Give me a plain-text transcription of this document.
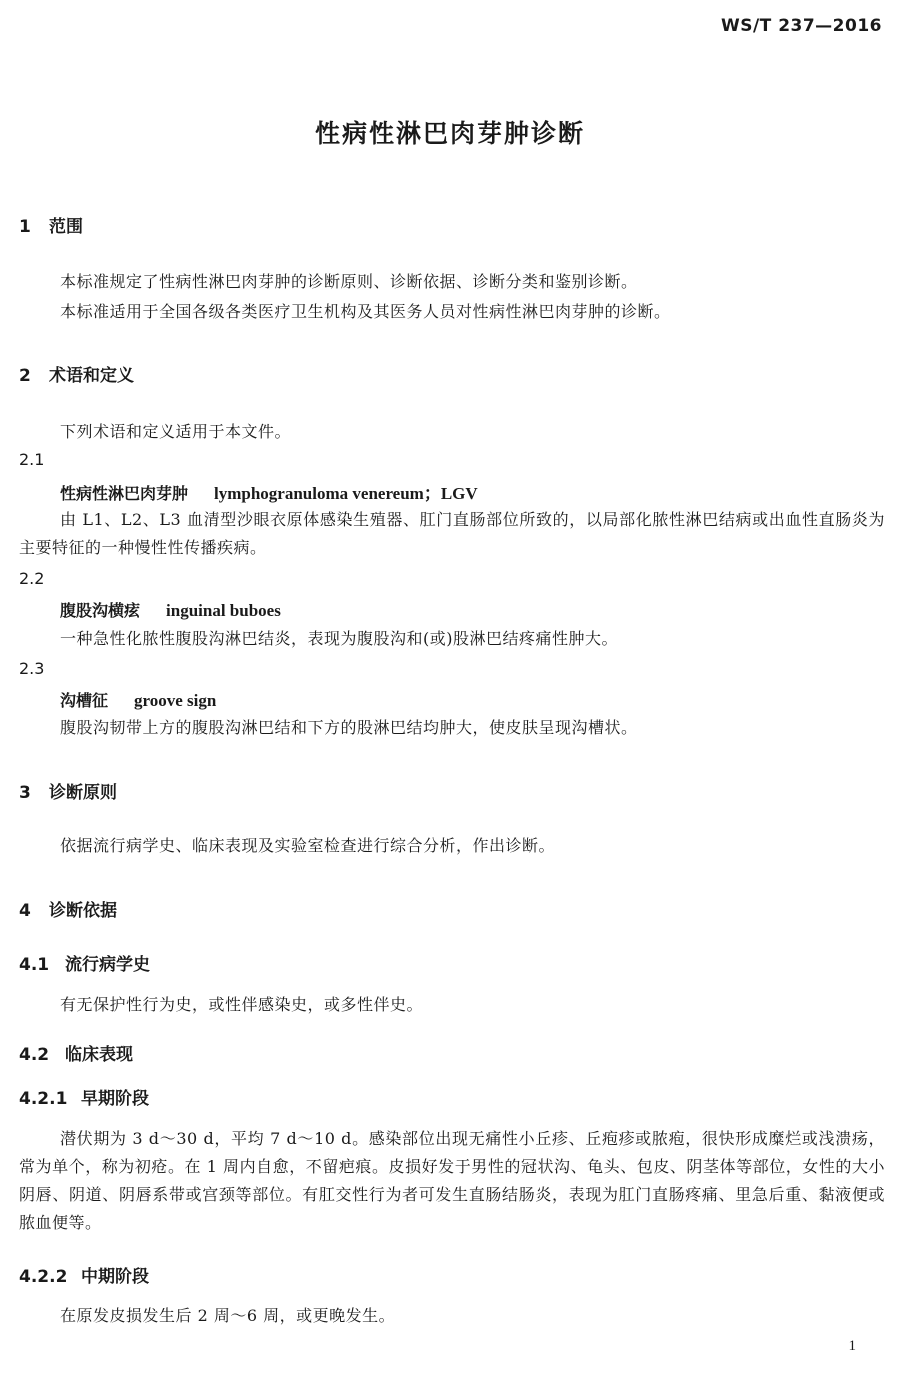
WS/T 237—2016
性病性淋巴肉芽肿诊断
1 范围
本标准规定了性病性淋巴肉芽肿的诊断原则、诊断依据、诊断分类和鉴别诊断。
本标准适用于全国各级各类医疗卫生机构及其医务人员对性病性淋巴肉芽肿的诊断。
2 术语和定义
下列术语和定义适用于本文件。
2.1
性病性淋巴肉芽肿 lymphogranuloma venereum；LGV
由 L1、L2、L3 血清型沙眼衣原体感染生殖器、肛门直肠部位所致的，以局部化脓性淋巴结病或出血性直肠炎为主要特征的一种慢性性传播疾病。
2.2
腹股沟横痃 inguinal buboes
一种急性化脓性腹股沟淋巴结炎，表现为腹股沟和(或)股淋巴结疼痛性肿大。
2.3
沟槽征 groove sign
腹股沟韧带上方的腹股沟淋巴结和下方的股淋巴结均肿大，使皮肤呈现沟槽状。
3 诊断原则
依据流行病学史、临床表现及实验室检查进行综合分析，作出诊断。
4 诊断依据
4.1 流行病学史
有无保护性行为史，或性伴感染史，或多性伴史。
4.2 临床表现
4.2.1 早期阶段
潜伏期为 3 d～30 d，平均 7 d～10 d。感染部位出现无痛性小丘疹、丘疱疹或脓疱，很快形成糜烂或浅溃疡，常为单个，称为初疮。在 1 周内自愈，不留疤痕。皮损好发于男性的冠状沟、龟头、包皮、阴茎体等部位，女性的大小阴唇、阴道、阴唇系带或宫颈等部位。有肛交性行为者可发生直肠结肠炎，表现为肛门直肠疼痛、里急后重、黏液便或脓血便等。
4.2.2 中期阶段
在原发皮损发生后 2 周～6 周，或更晚发生。
1
